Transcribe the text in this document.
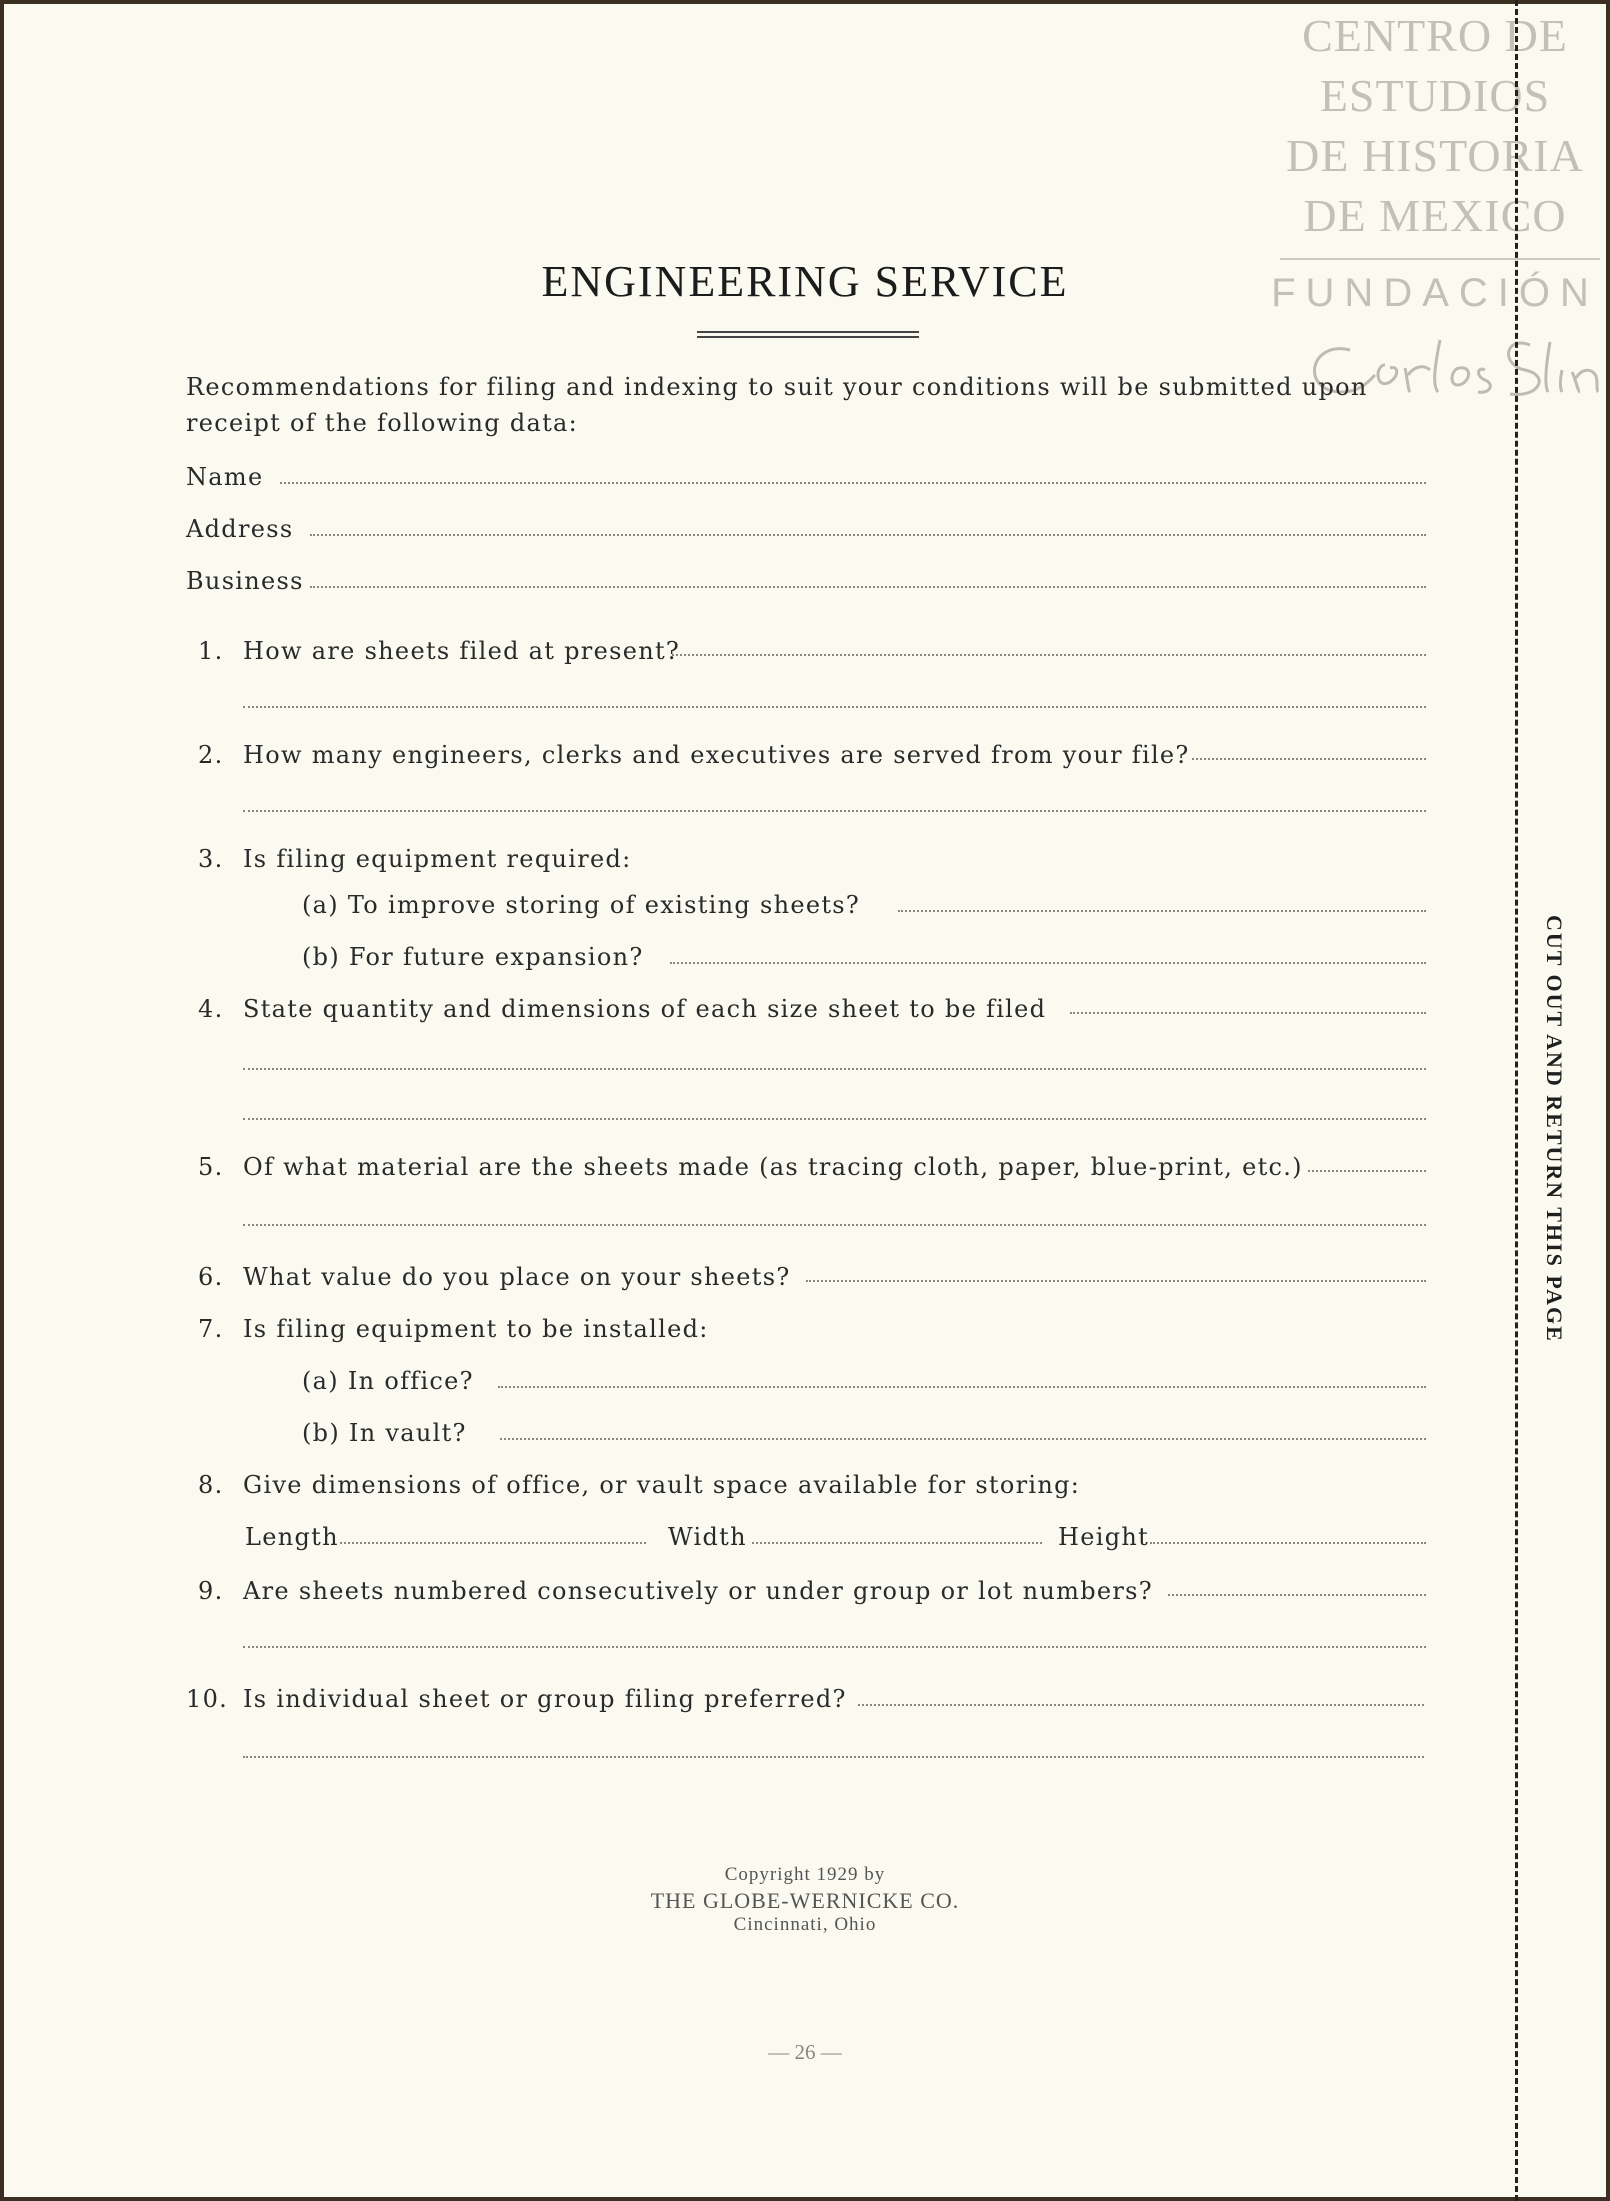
CENTRO DE
ESTUDIOS
DE HISTORIA
DE MEXICO
FUNDACIÓN
ENGINEERING SERVICE
Recommendations for filing and indexing to suit your conditions will be submitted upon
receipt of the following data:
Name
Address
Business
1. How are sheets filed at present?
2. How many engineers, clerks and executives are served from your file?
3. Is filing equipment required:
(a) To improve storing of existing sheets?
(b) For future expansion?
4. State quantity and dimensions of each size sheet to be filed
5. Of what material are the sheets made (as tracing cloth, paper, blue-print, etc.)
6. What value do you place on your sheets?
7. Is filing equipment to be installed:
(a) In office?
(b) In vault?
8. Give dimensions of office, or vault space available for storing:
Length	Width	Height
9. Are sheets numbered consecutively or under group or lot numbers?
10. Is individual sheet or group filing preferred?
CUT OUT AND RETURN THIS PAGE
Copyright 1929 by
THE GLOBE-WERNICKE CO.
Cincinnati, Ohio
— 26 —
